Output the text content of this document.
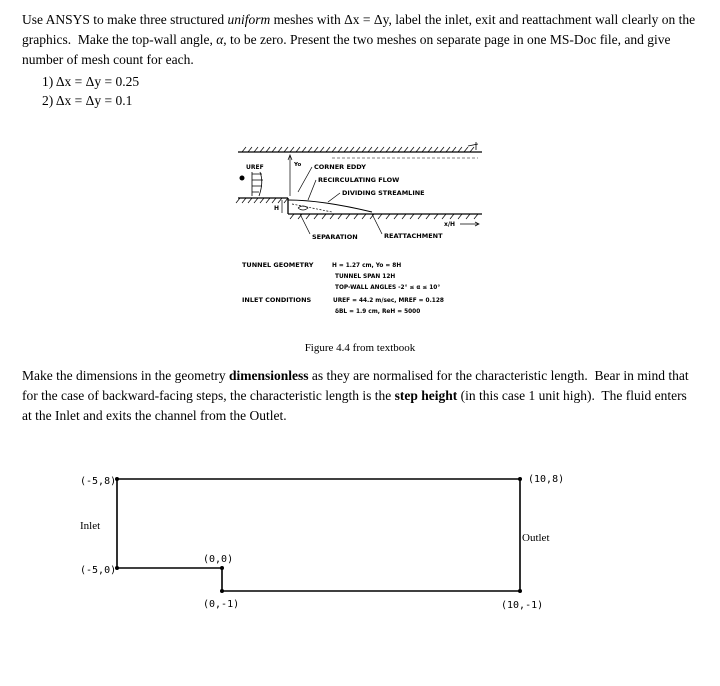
Use ANSYS to make three structured uniform meshes with Δx = Δy, label the inlet, exit and reattachment wall clearly on the graphics.  Make the top-wall angle, α, to be zero. Present the two meshes on separate page in one MS-Doc file, and give number of mesh count for each.

1) Δx = Δy = 0.25
2) Δx = Δy = 0.1
UREF	Yo
H
CORNER EDDY
RECIRCULATING FLOW
DIVIDING STREAMLINE
x/H
SEPARATION	REATTACHMENT
TUNNEL GEOMETRY	H = 1.27 cm, Yo = 8H
TUNNEL SPAN 12H
TOP-WALL ANGLES -2° ≤ α ≤ 10°
INLET CONDITIONS	UREF = 44.2 m/sec, MREF = 0.128
δBL = 1.9 cm, ReH = 5000
Figure 4.4 from textbook

Make the dimensions in the geometry dimensionless as they are normalised for the characteristic length.  Bear in mind that for the case of backward-facing steps, the characteristic length is the step height (in this case 1 unit high).  The fluid enters at the Inlet and exits the channel from the Outlet.

(-5,8)	(10,8)
(-5,0)
(0,0)
(0,-1)	(10,-1)
Inlet
Outlet
